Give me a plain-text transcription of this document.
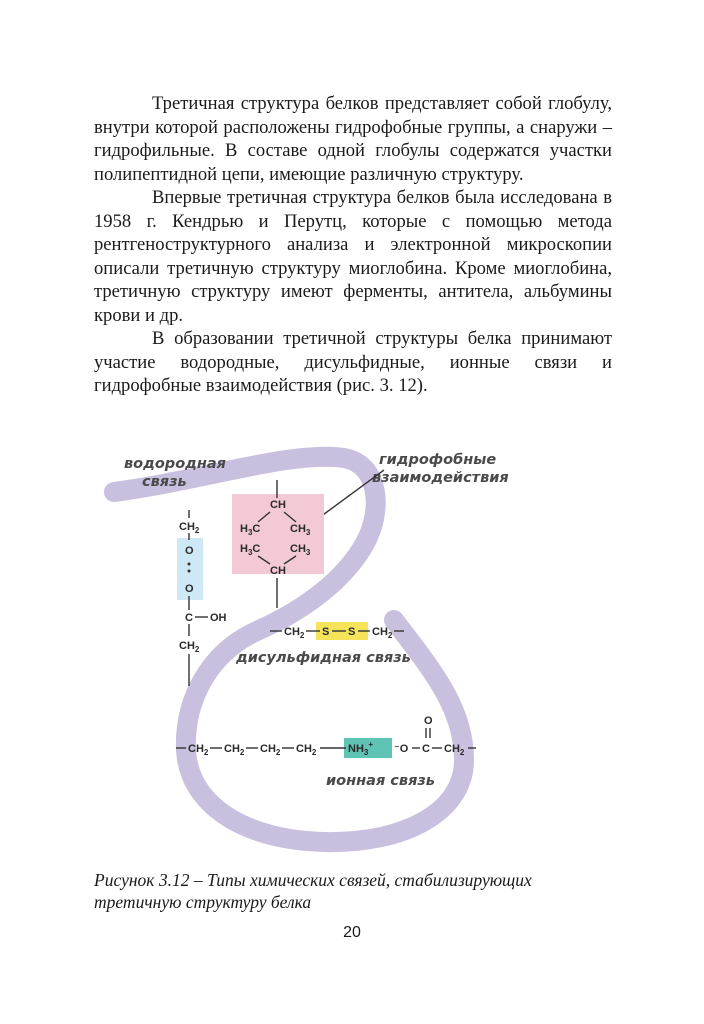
Третичная структура белков представляет собой глобулу, внутри которой расположены гидрофобные группы, а снаружи – гидрофильные. В составе одной глобулы содержатся участки полипептидной цепи, имеющие различную структуру.

Впервые третичная структура белков была исследована в 1958 г. Кендрью и Перутц, которые с помощью метода рентгеноструктурного анализа и электронной микроскопии описали третичную структуру миоглобина. Кроме миоглобина, третичную структуру имеют ферменты, антитела, альбумины крови и др.

В образовании третичной структуры белка принимают участие водородные, дисульфидные, ионные связи и гидрофобные взаимодействия (рис. 3. 12).

водородная
связь
гидрофобные
взаимодействия
$CH_2$
O
O
C OH
$CH_2$
CH
$H_3C$	$CH_3$
$H_3C$	$CH_3$
CH
$CH_2$ S S $CH_2$
дисульфидная связь
$CH_2$ $CH_2$ $CH_2$ $CH_2$	$NH_3^+$ ⁻O C
O
$CH_2$
ионная связь
Рисунок 3.12 – Типы химических связей, стабилизирующих третичную структуру белка
20
